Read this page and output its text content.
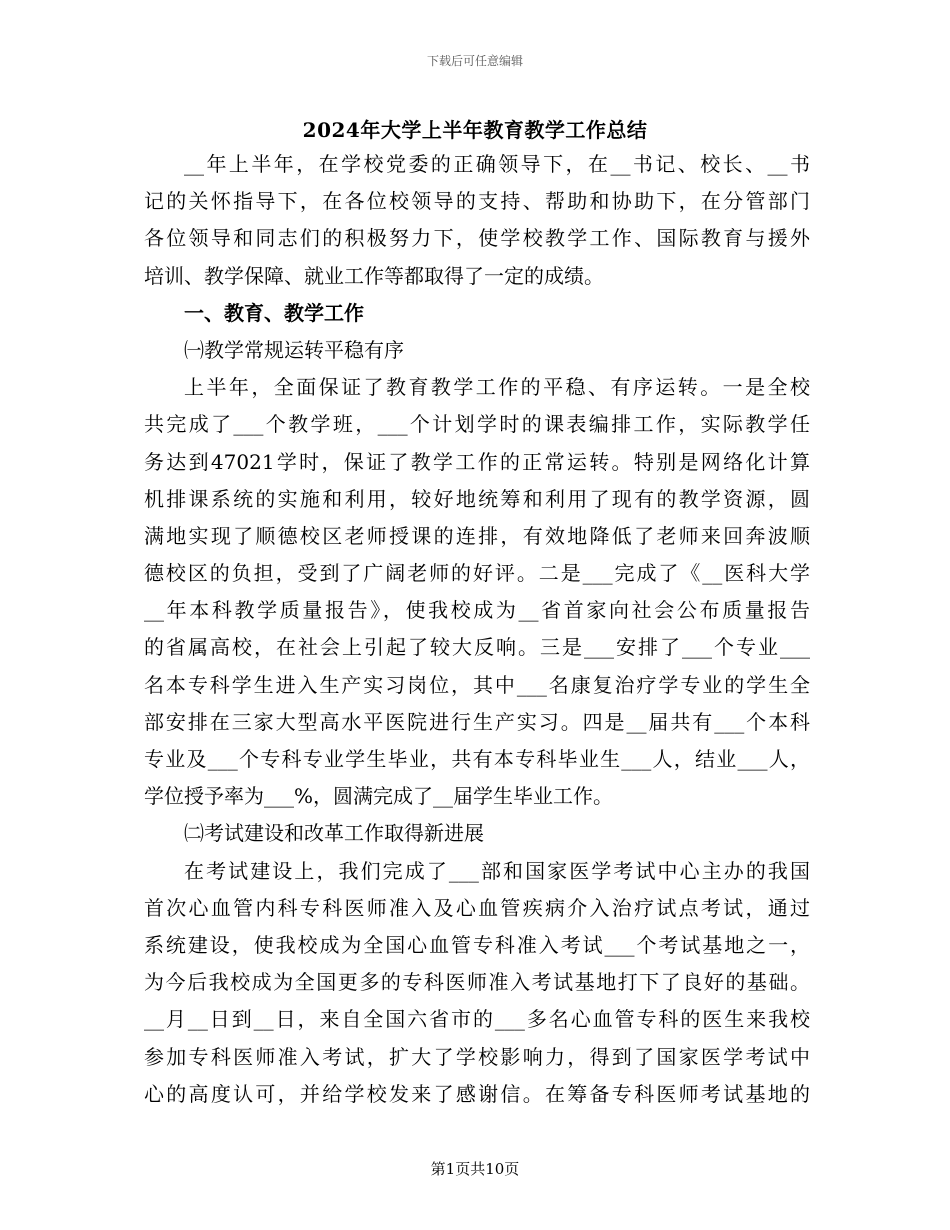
下载后可任意编辑
2024年大学上半年教育教学工作总结
__年上半年，在学校党委的正确领导下，在__书记、校长、__书
记的关怀指导下，在各位校领导的支持、帮助和协助下，在分管部门
各位领导和同志们的积极努力下，使学校教学工作、国际教育与援外
培训、教学保障、就业工作等都取得了一定的成绩。
一、教育、教学工作
㈠教学常规运转平稳有序
上半年，全面保证了教育教学工作的平稳、有序运转。一是全校
共完成了___个教学班，___个计划学时的课表编排工作，实际教学任
务达到47021学时，保证了教学工作的正常运转。特别是网络化计算
机排课系统的实施和利用，较好地统筹和利用了现有的教学资源，圆
满地实现了顺德校区老师授课的连排，有效地降低了老师来回奔波顺
德校区的负担，受到了广阔老师的好评。二是___完成了《__医科大学
__年本科教学质量报告》，使我校成为__省首家向社会公布质量报告
的省属高校，在社会上引起了较大反响。三是___安排了___个专业___
名本专科学生进入生产实习岗位，其中___名康复治疗学专业的学生全
部安排在三家大型高水平医院进行生产实习。四是__届共有___个本科
专业及___个专科专业学生毕业，共有本专科毕业生___人，结业___人，
学位授予率为___%，圆满完成了__届学生毕业工作。
㈡考试建设和改革工作取得新进展
在考试建设上，我们完成了___部和国家医学考试中心主办的我国
首次心血管内科专科医师准入及心血管疾病介入治疗试点考试，通过
系统建设，使我校成为全国心血管专科准入考试___个考试基地之一，
为今后我校成为全国更多的专科医师准入考试基地打下了良好的基础。
__月__日到__日，来自全国六省市的___多名心血管专科的医生来我校
参加专科医师准入考试，扩大了学校影响力，得到了国家医学考试中
心的高度认可，并给学校发来了感谢信。在筹备专科医师考试基地的
第1页共10页
